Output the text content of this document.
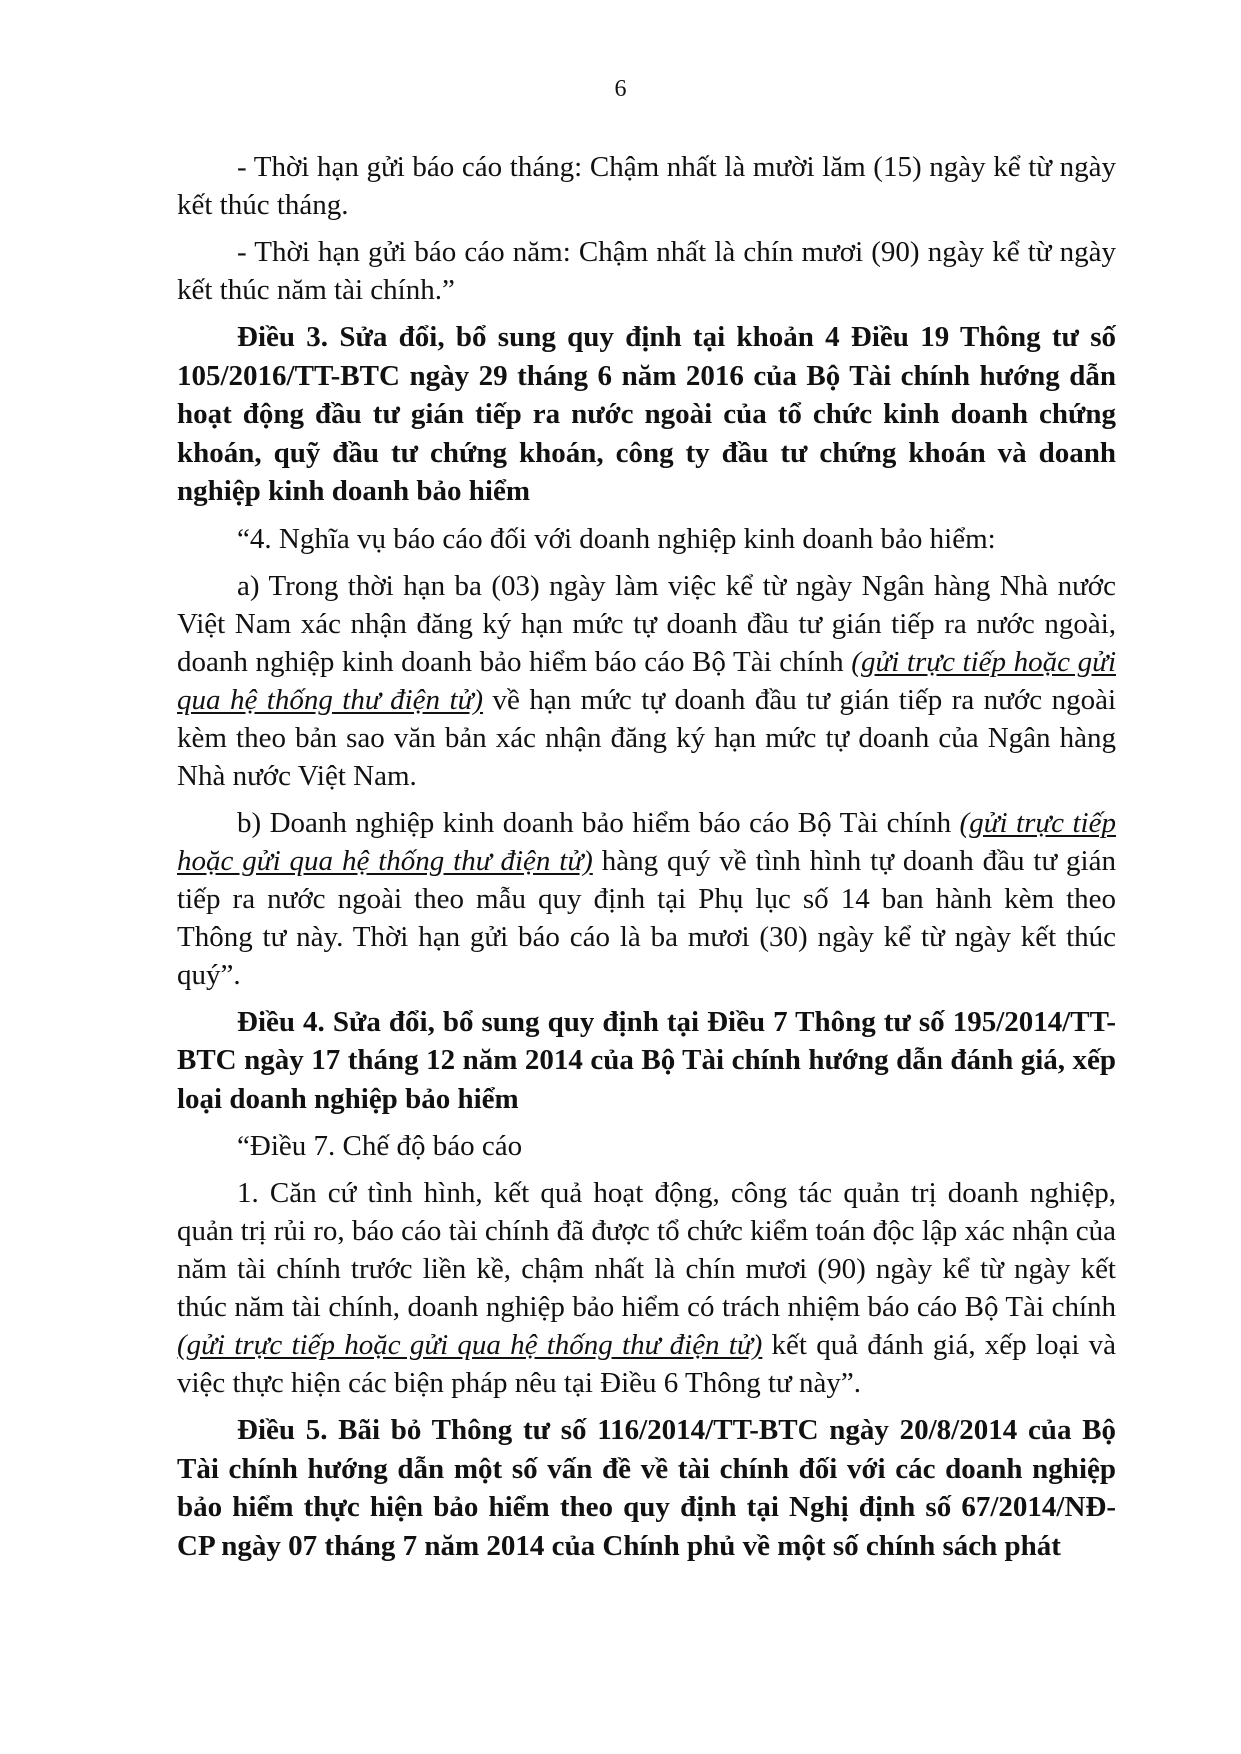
6

- Thời hạn gửi báo cáo tháng: Chậm nhất là mười lăm (15) ngày kể từ ngày kết thúc tháng.

- Thời hạn gửi báo cáo năm: Chậm nhất là chín mươi (90) ngày kể từ ngày kết thúc năm tài chính.”

Điều 3. Sửa đổi, bổ sung quy định tại khoản 4 Điều 19 Thông tư số 105/2016/TT-BTC ngày 29 tháng 6 năm 2016 của Bộ Tài chính hướng dẫn hoạt động đầu tư gián tiếp ra nước ngoài của tổ chức kinh doanh chứng khoán, quỹ đầu tư chứng khoán, công ty đầu tư chứng khoán và doanh nghiệp kinh doanh bảo hiểm

“4. Nghĩa vụ báo cáo đối với doanh nghiệp kinh doanh bảo hiểm:

a) Trong thời hạn ba (03) ngày làm việc kể từ ngày Ngân hàng Nhà nước Việt Nam xác nhận đăng ký hạn mức tự doanh đầu tư gián tiếp ra nước ngoài, doanh nghiệp kinh doanh bảo hiểm báo cáo Bộ Tài chính (gửi trực tiếp hoặc gửi qua hệ thống thư điện tử) về hạn mức tự doanh đầu tư gián tiếp ra nước ngoài kèm theo bản sao văn bản xác nhận đăng ký hạn mức tự doanh của Ngân hàng Nhà nước Việt Nam.

b) Doanh nghiệp kinh doanh bảo hiểm báo cáo Bộ Tài chính (gửi trực tiếp hoặc gửi qua hệ thống thư điện tử) hàng quý về tình hình tự doanh đầu tư gián tiếp ra nước ngoài theo mẫu quy định tại Phụ lục số 14 ban hành kèm theo Thông tư này. Thời hạn gửi báo cáo là ba mươi (30) ngày kể từ ngày kết thúc quý”.

Điều 4. Sửa đổi, bổ sung quy định tại Điều 7 Thông tư số 195/2014/TT-BTC ngày 17 tháng 12 năm 2014 của Bộ Tài chính hướng dẫn đánh giá, xếp loại doanh nghiệp bảo hiểm

“Điều 7. Chế độ báo cáo

1. Căn cứ tình hình, kết quả hoạt động, công tác quản trị doanh nghiệp, quản trị rủi ro, báo cáo tài chính đã được tổ chức kiểm toán độc lập xác nhận của năm tài chính trước liền kề, chậm nhất là chín mươi (90) ngày kể từ ngày kết thúc năm tài chính, doanh nghiệp bảo hiểm có trách nhiệm báo cáo Bộ Tài chính (gửi trực tiếp hoặc gửi qua hệ thống thư điện tử) kết quả đánh giá, xếp loại và việc thực hiện các biện pháp nêu tại Điều 6 Thông tư này”.

Điều 5. Bãi bỏ Thông tư số 116/2014/TT-BTC ngày 20/8/2014 của Bộ Tài chính hướng dẫn một số vấn đề về tài chính đối với các doanh nghiệp bảo hiểm thực hiện bảo hiểm theo quy định tại Nghị định số 67/2014/NĐ-CP ngày 07 tháng 7 năm 2014 của Chính phủ về một số chính sách phát
